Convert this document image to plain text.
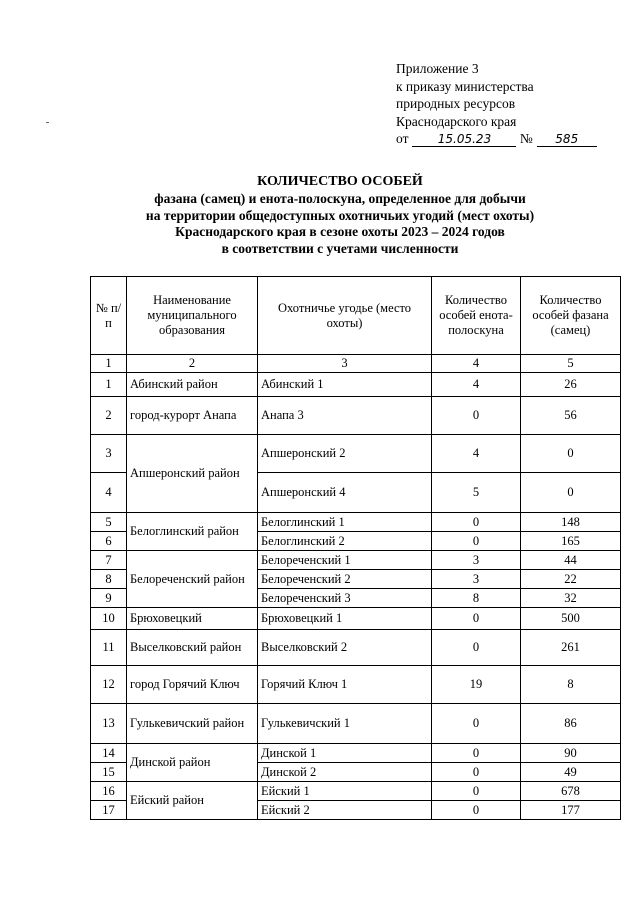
Приложение 3
к приказу министерства
природных ресурсов
Краснодарского края
от 15.05.23 № 585
КОЛИЧЕСТВО ОСОБЕЙ
фазана (самец) и енота-полоскуна, определенное для добычи
на территории общедоступных охотничьих угодий (мест охоты)
Краснодарского края в сезоне охоты 2023 – 2024 годов
в соответствии с учетами численности
№ п/п	Наименование муниципального образования	Охотничье угодье (место охоты)	Количество особей енота-полоскуна	Количество особей фазана (самец)
1	2	3	4	5
1	Абинский район	Абинский 1	4	26
2	город-курорт Анапа	Анапа 3	0	56
3	Апшеронский район	Апшеронский 2	4	0
4		Апшеронский 4	5	0
5	Белоглинский район	Белоглинский 1	0	148
6		Белоглинский 2	0	165
7	Белореченский район	Белореченский 1	3	44
8		Белореченский 2	3	22
9		Белореченский 3	8	32
10	Брюховецкий	Брюховецкий 1	0	500
11	Выселковский район	Выселковский 2	0	261
12	город Горячий Ключ	Горячий Ключ 1	19	8
13	Гулькевичский район	Гулькевичский 1	0	86
14	Динской район	Динской 1	0	90
15		Динской 2	0	49
16	Ейский район	Ейский 1	0	678
17		Ейский 2	0	177
